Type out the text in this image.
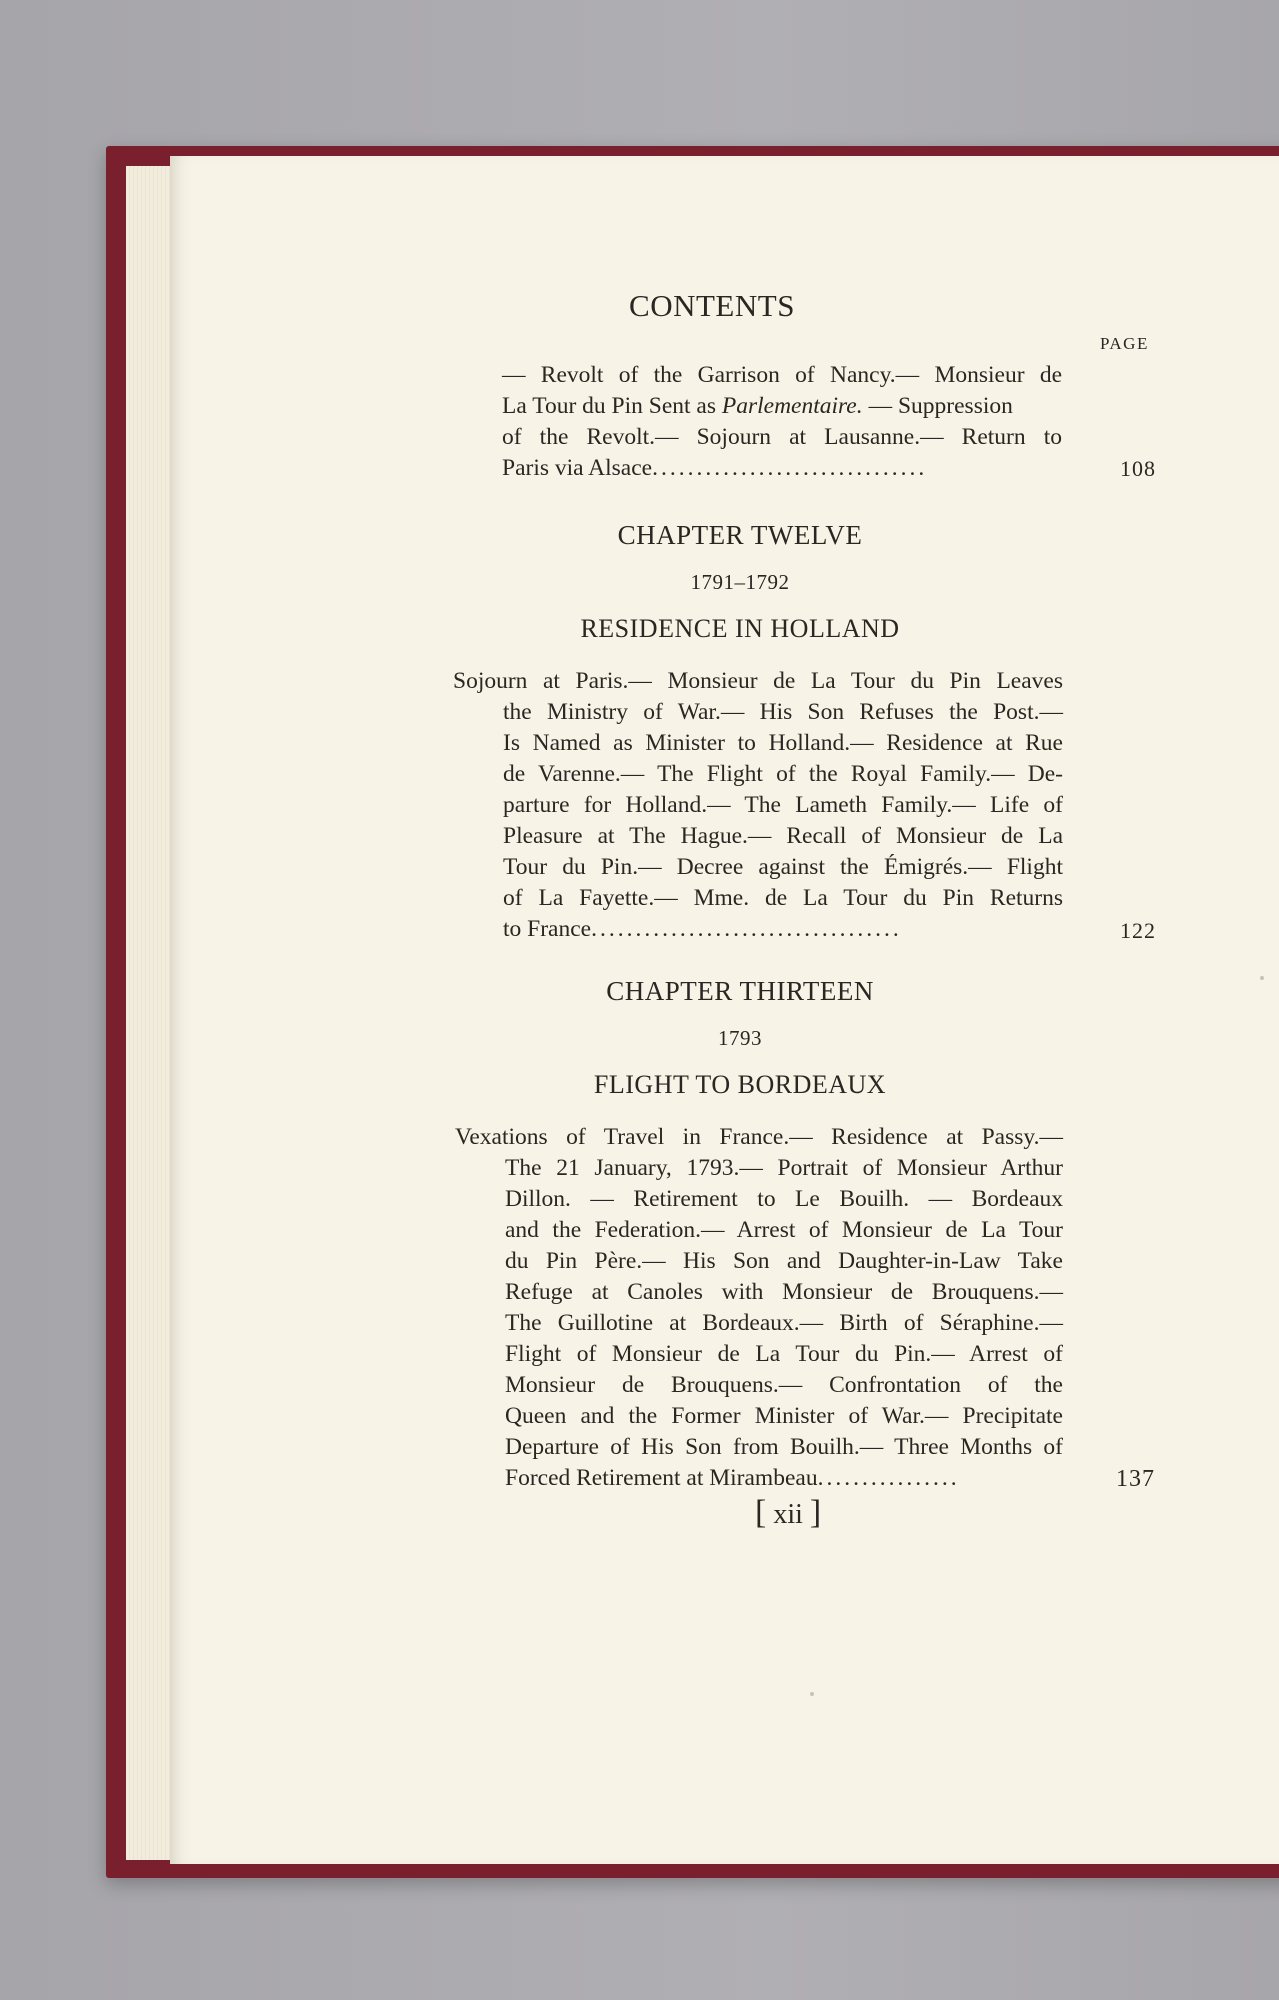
CONTENTS
PAGE
— Revolt of the Garrison of Nancy.— Monsieur de
La Tour du Pin Sent as Parlementaire. — Suppression
of the Revolt.— Sojourn at Lausanne.— Return to
Paris via Alsace...............................	108
CHAPTER TWELVE
1791–1792
RESIDENCE IN HOLLAND
Sojourn at Paris.— Monsieur de La Tour du Pin Leaves
the Ministry of War.— His Son Refuses the Post.—
Is Named as Minister to Holland.— Residence at Rue
de Varenne.— The Flight of the Royal Family.— De-
parture for Holland.— The Lameth Family.— Life of
Pleasure at The Hague.— Recall of Monsieur de La
Tour du Pin.— Decree against the Émigrés.— Flight
of La Fayette.— Mme. de La Tour du Pin Returns
to France...................................	122
CHAPTER THIRTEEN
1793
FLIGHT TO BORDEAUX
Vexations of Travel in France.— Residence at Passy.—
The 21 January, 1793.— Portrait of Monsieur Arthur
Dillon. — Retirement to Le Bouilh. — Bordeaux
and the Federation.— Arrest of Monsieur de La Tour
du Pin Père.— His Son and Daughter-in-Law Take
Refuge at Canoles with Monsieur de Brouquens.—
The Guillotine at Bordeaux.— Birth of Séraphine.—
Flight of Monsieur de La Tour du Pin.— Arrest of
Monsieur de Brouquens.— Confrontation of the
Queen and the Former Minister of War.— Precipitate
Departure of His Son from Bouilh.— Three Months of
Forced Retirement at Mirambeau................	137
[ xii ]
